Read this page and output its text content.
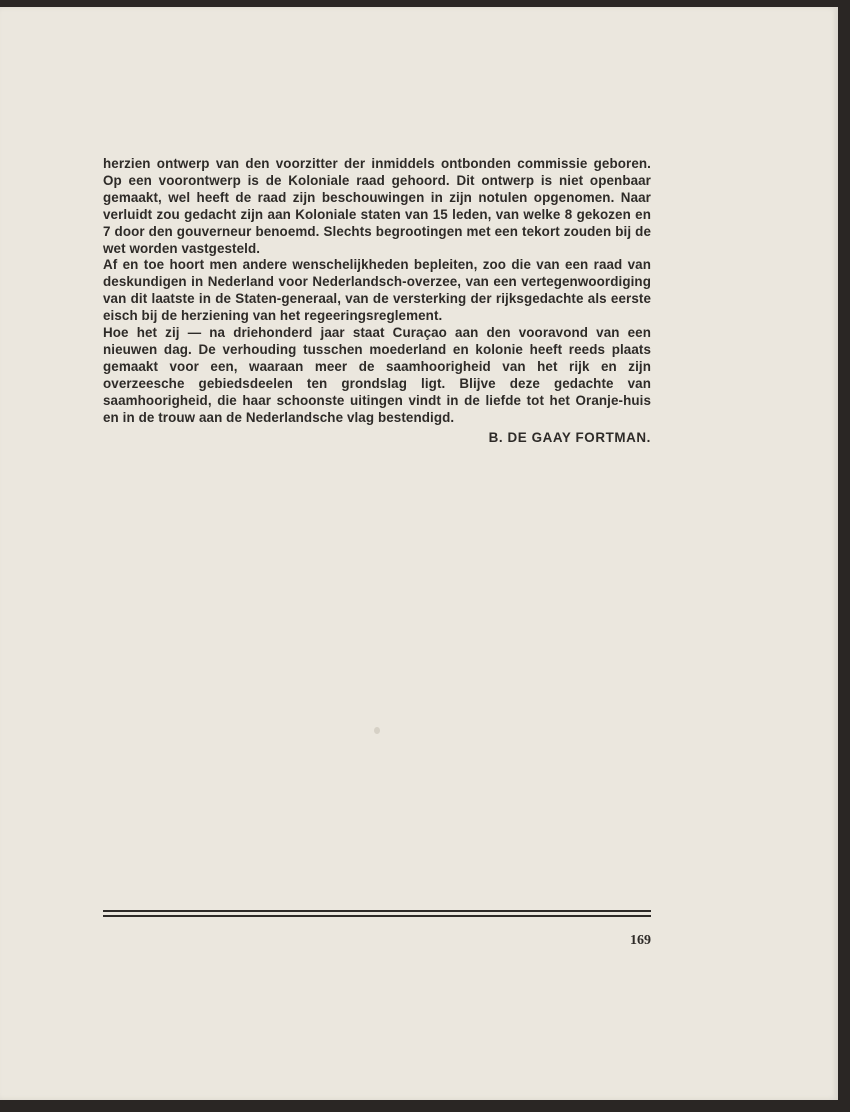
herzien ontwerp van den voorzitter der inmiddels ontbonden commissie geboren. Op een voorontwerp is de Koloniale raad gehoord. Dit ontwerp is niet openbaar gemaakt, wel heeft de raad zijn beschouwingen in zijn notulen opgenomen. Naar verluidt zou gedacht zijn aan Koloniale staten van 15 leden, van welke 8 gekozen en 7 door den gouverneur benoemd. Slechts begrootingen met een tekort zouden bij de wet worden vastgesteld.

Af en toe hoort men andere wenschelijkheden bepleiten, zoo die van een raad van deskundigen in Nederland voor Nederlandsch-overzee, van een vertegenwoordiging van dit laatste in de Staten-generaal, van de versterking der rijksgedachte als eerste eisch bij de herziening van het regeeringsreglement.

Hoe het zij — na driehonderd jaar staat Curaçao aan den vooravond van een nieuwen dag. De verhouding tusschen moederland en kolonie heeft reeds plaats gemaakt voor een, waaraan meer de saamhoorigheid van het rijk en zijn overzeesche gebiedsdeelen ten grondslag ligt. Blijve deze gedachte van saamhoorigheid, die haar schoonste uitingen vindt in de liefde tot het Oranje-huis en in de trouw aan de Nederlandsche vlag bestendigd.

B. DE GAAY FORTMAN.
169
